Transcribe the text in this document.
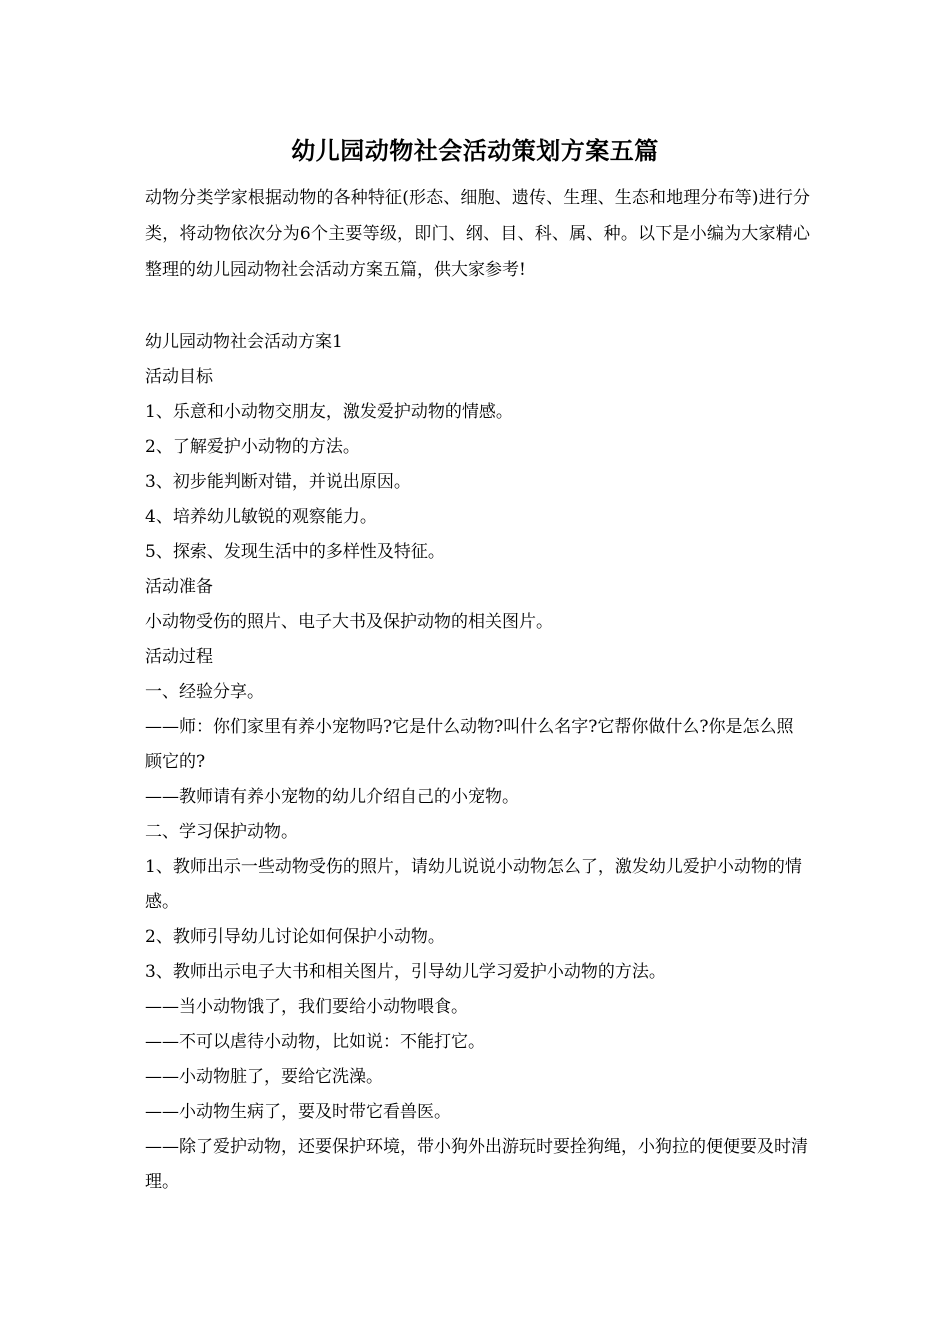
幼儿园动物社会活动策划方案五篇

动物分类学家根据动物的各种特征(形态、细胞、遗传、生理、生态和地理分布等)进行分类，将动物依次分为6个主要等级，即门、纲、目、科、属、种。以下是小编为大家精心整理的幼儿园动物社会活动方案五篇，供大家参考!

幼儿园动物社会活动方案1

活动目标

1、乐意和小动物交朋友，激发爱护动物的情感。

2、了解爱护小动物的方法。

3、初步能判断对错，并说出原因。

4、培养幼儿敏锐的观察能力。

5、探索、发现生活中的多样性及特征。

活动准备

小动物受伤的照片、电子大书及保护动物的相关图片。

活动过程

一、经验分享。

——师：你们家里有养小宠物吗?它是什么动物?叫什么名字?它帮你做什么?你是怎么照顾它的?

——教师请有养小宠物的幼儿介绍自己的小宠物。

二、学习保护动物。

1、教师出示一些动物受伤的照片，请幼儿说说小动物怎么了，激发幼儿爱护小动物的情感。

2、教师引导幼儿讨论如何保护小动物。

3、教师出示电子大书和相关图片，引导幼儿学习爱护小动物的方法。

——当小动物饿了，我们要给小动物喂食。

——不可以虐待小动物，比如说：不能打它。

——小动物脏了，要给它洗澡。

——小动物生病了，要及时带它看兽医。

——除了爱护动物，还要保护环境，带小狗外出游玩时要拴狗绳，小狗拉的便便要及时清理。
